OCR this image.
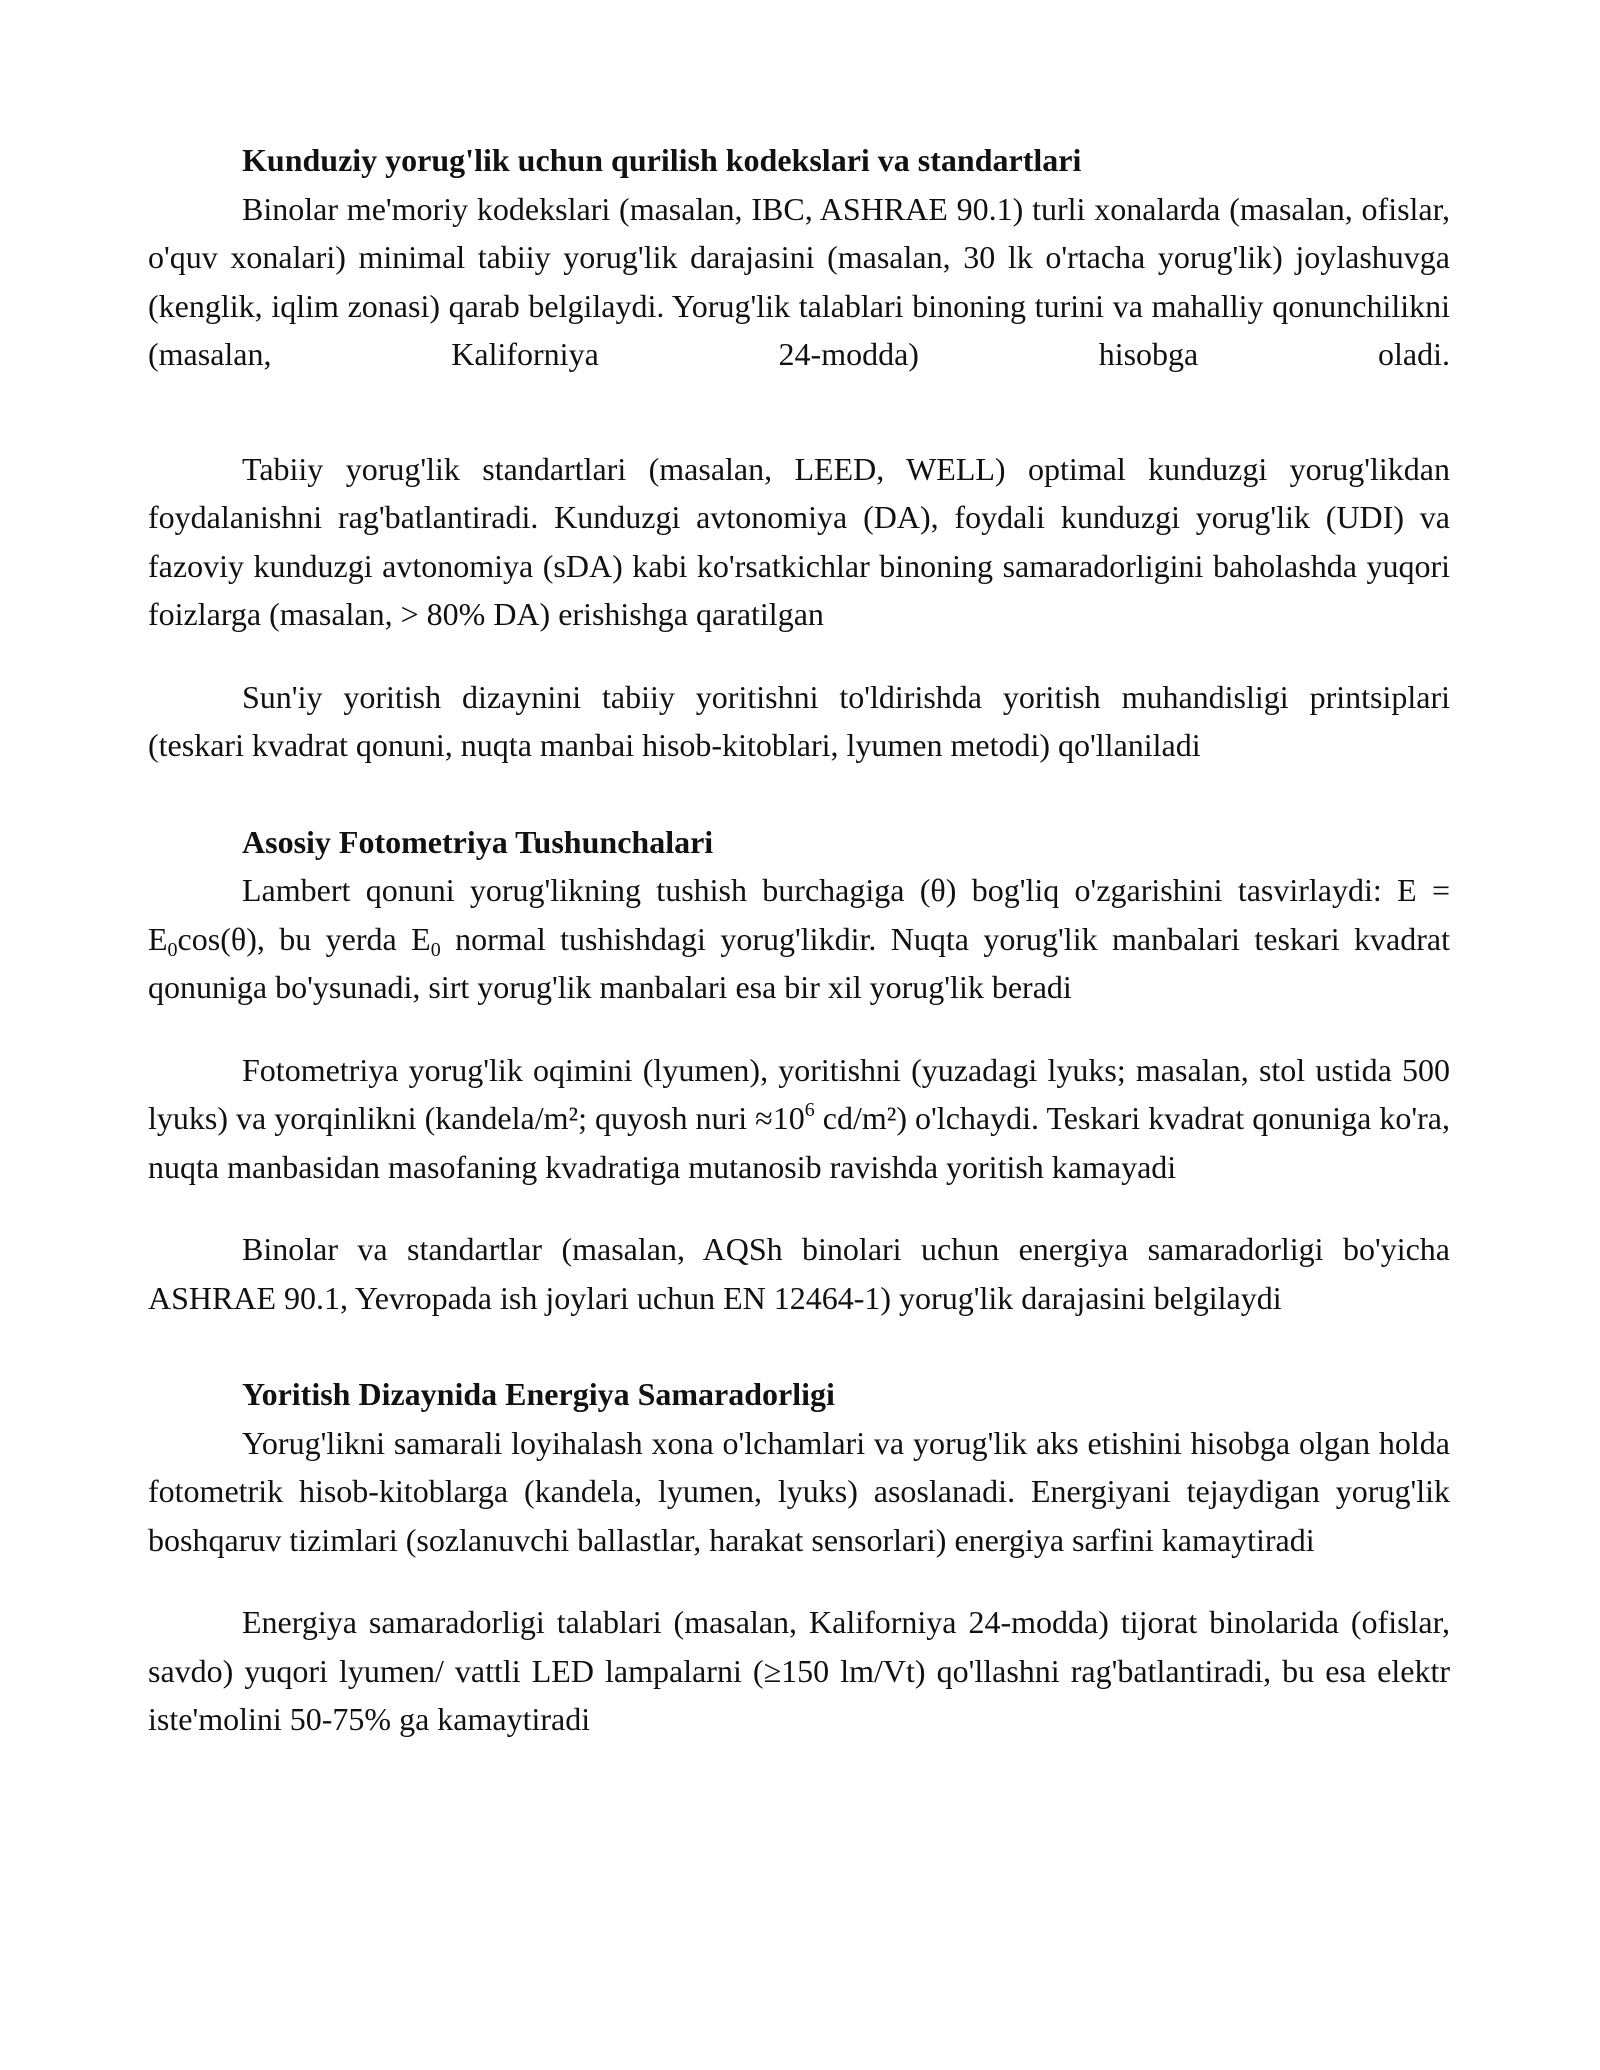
Kunduziy yorug'lik uchun qurilish kodekslari va standartlari

Binolar me'moriy kodekslari (masalan, IBC, ASHRAE 90.1) turli xonalarda (masalan, ofislar, o'quv xonalari) minimal tabiiy yorug'lik darajasini (masalan, 30 lk o'rtacha yorug'lik) joylashuvga (kenglik, iqlim zonasi) qarab belgilaydi. Yorug'lik talablari binoning turini va mahalliy qonunchilikni (masalan, Kaliforniya 24-modda) hisobga oladi.

Tabiiy yorug'lik standartlari (masalan, LEED, WELL) optimal kunduzgi yorug'likdan foydalanishni rag'batlantiradi. Kunduzgi avtonomiya (DA), foydali kunduzgi yorug'lik (UDI) va fazoviy kunduzgi avtonomiya (sDA) kabi ko'rsatkichlar binoning samaradorligini baholashda yuqori foizlarga (masalan, > 80% DA) erishishga qaratilgan

Sun'iy yoritish dizaynini tabiiy yoritishni to'ldirishda yoritish muhandisligi printsiplari (teskari kvadrat qonuni, nuqta manbai hisob-kitoblari, lyumen metodi) qo'llaniladi

Asosiy Fotometriya Tushunchalari

Lambert qonuni yorug'likning tushish burchagiga (θ) bog'liq o'zgarishini tasvirlaydi: $E = E_0\cos(\theta)$, bu yerda $E_0$ normal tushishdagi yorug'likdir. Nuqta yorug'lik manbalari teskari kvadrat qonuniga bo'ysunadi, sirt yorug'lik manbalari esa bir xil yorug'lik beradi

Fotometriya yorug'lik oqimini (lyumen), yoritishni (yuzadagi lyuks; masalan, stol ustida 500 lyuks) va yorqinlikni (kandela/m²; quyosh nuri $\approx 10^6$ cd/m²) o'lchaydi. Teskari kvadrat qonuniga ko'ra, nuqta manbasidan masofaning kvadratiga mutanosib ravishda yoritish kamayadi

Binolar va standartlar (masalan, AQSh binolari uchun energiya samaradorligi bo'yicha ASHRAE 90.1, Yevropada ish joylari uchun EN 12464-1) yorug'lik darajasini belgilaydi

Yoritish Dizaynida Energiya Samaradorligi

Yorug'likni samarali loyihalash xona o'lchamlari va yorug'lik aks etishini hisobga olgan holda fotometrik hisob-kitoblarga (kandela, lyumen, lyuks) asoslanadi. Energiyani tejaydigan yorug'lik boshqaruv tizimlari (sozlanuvchi ballastlar, harakat sensorlari) energiya sarfini kamaytiradi

Energiya samaradorligi talablari (masalan, Kaliforniya 24-modda) tijorat binolarida (ofislar, savdo) yuqori lyumen/ vattli LED lampalarni (≥150 lm/Vt) qo'llashni rag'batlantiradi, bu esa elektr iste'molini 50-75% ga kamaytiradi
